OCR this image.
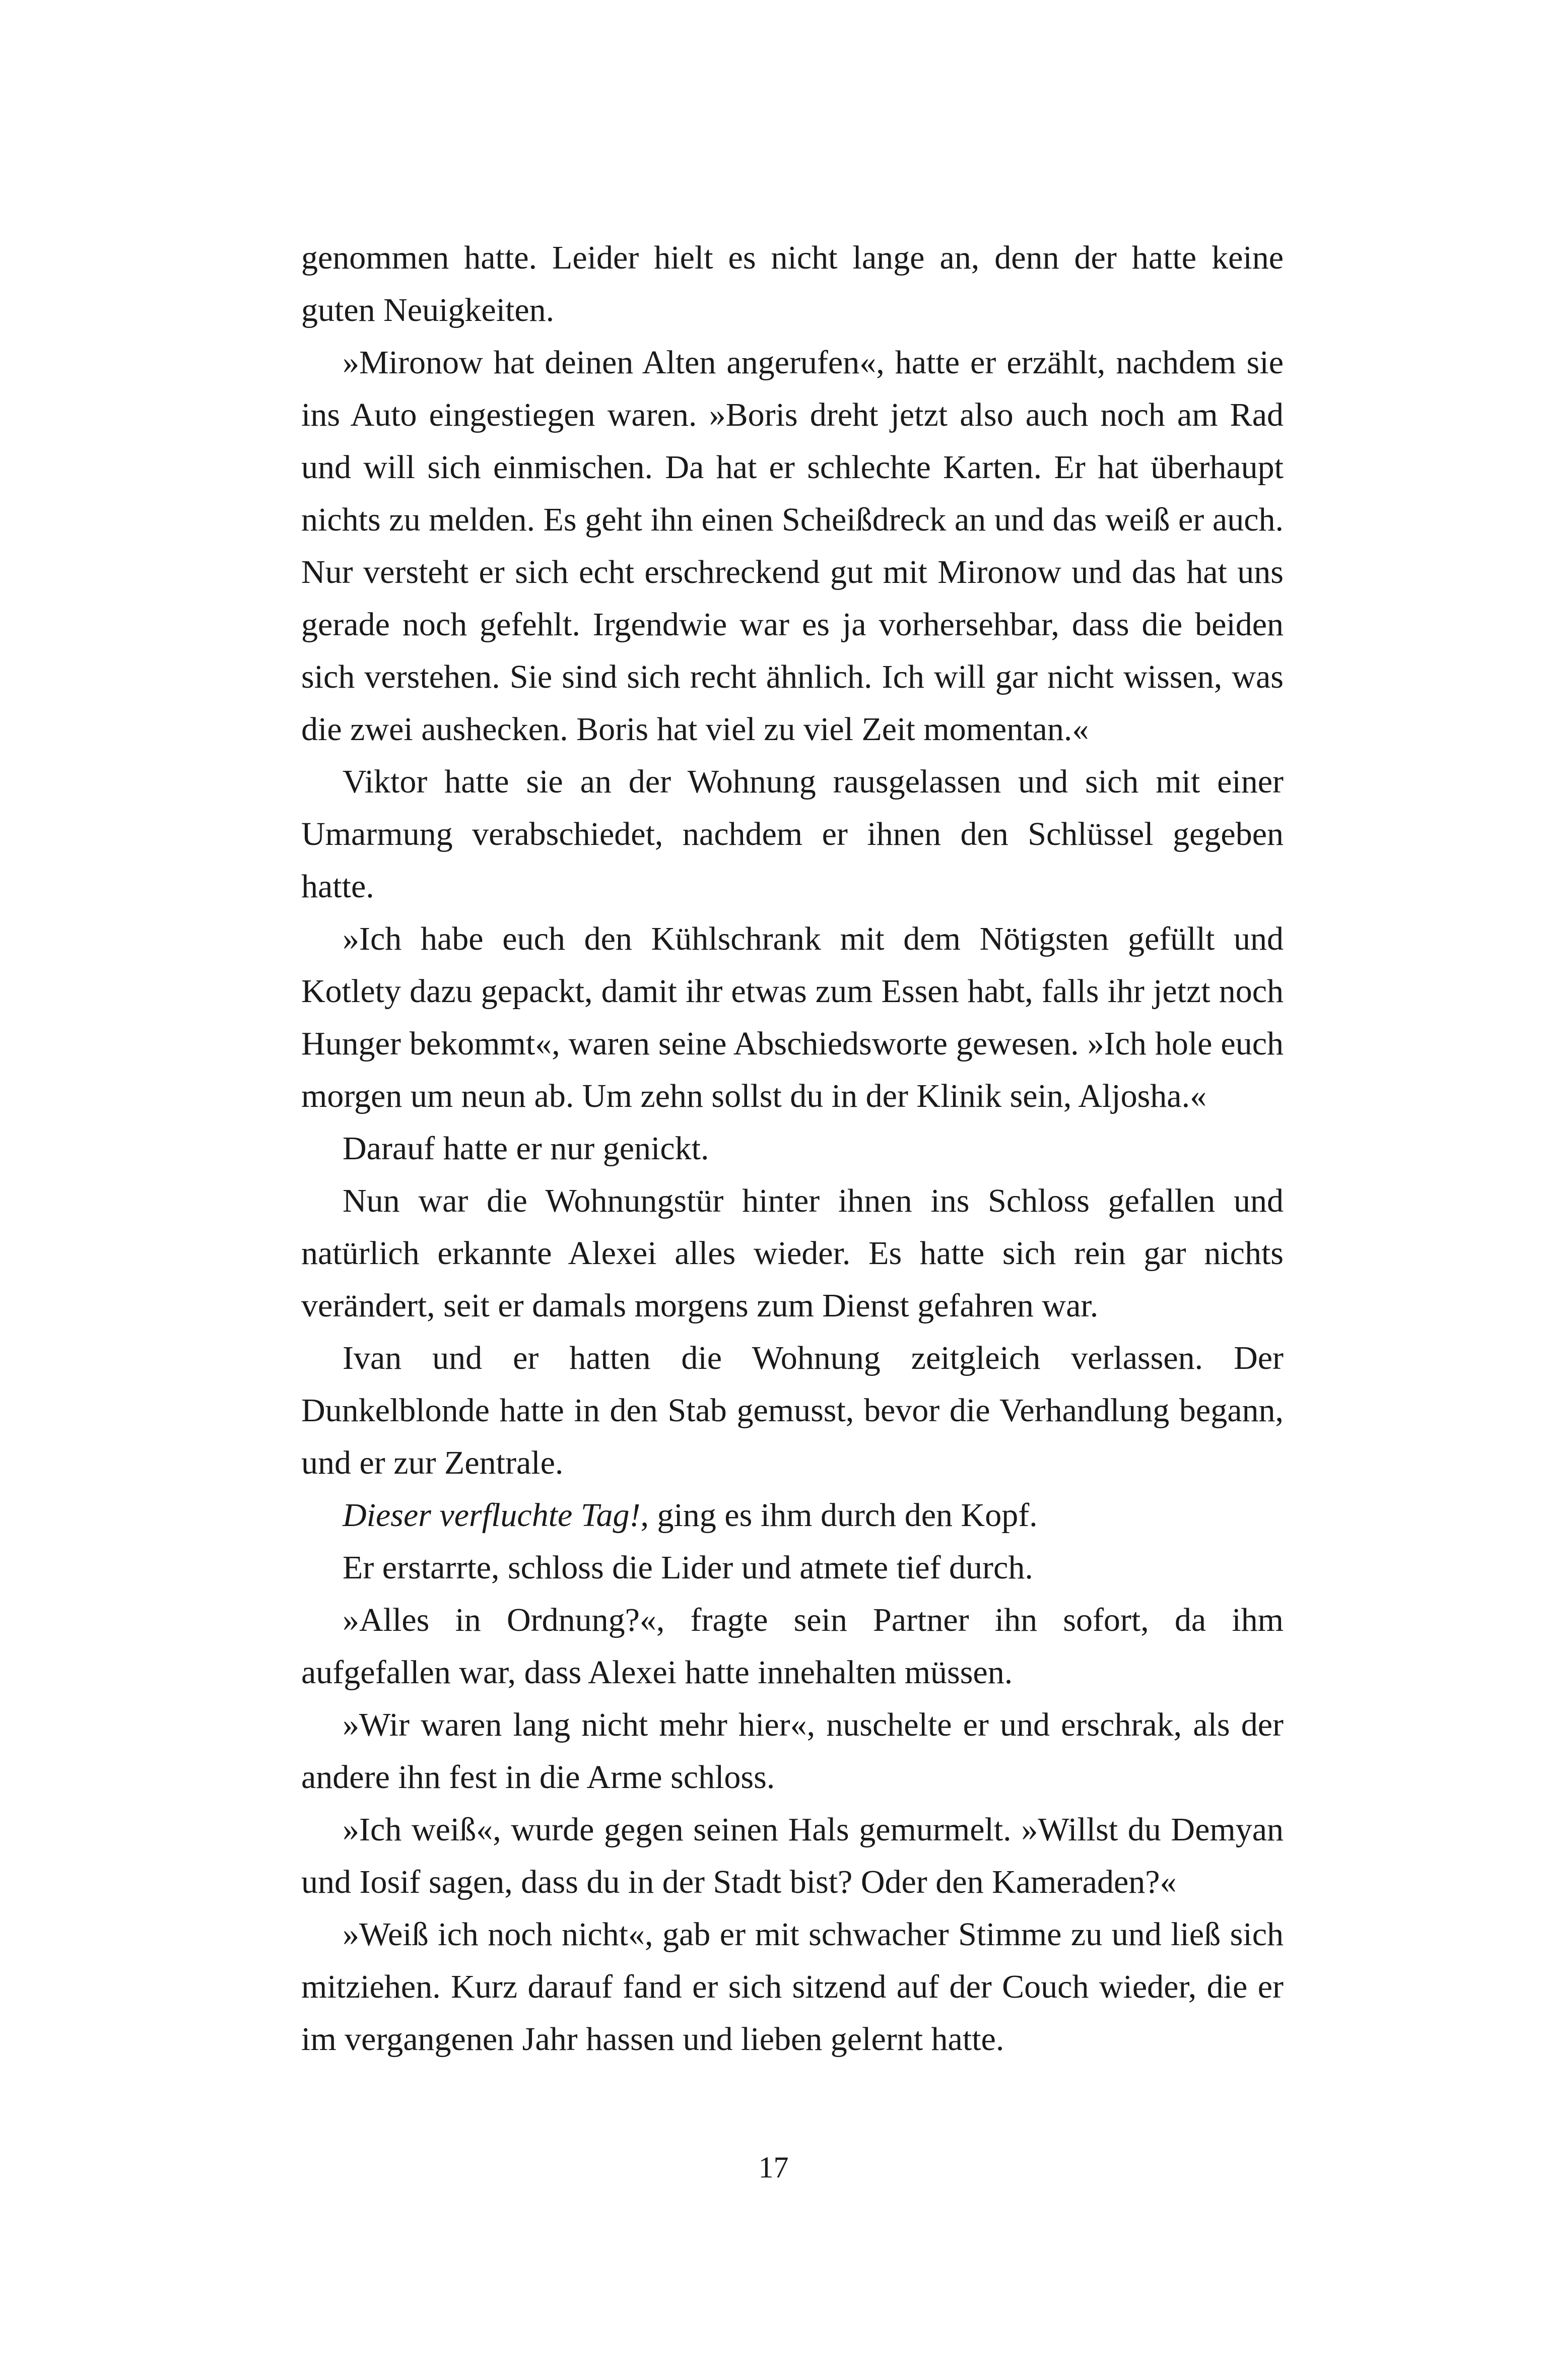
genommen hatte. Leider hielt es nicht lange an, denn der hatte keine guten Neuigkeiten.

»Mironow hat deinen Alten angerufen«, hatte er erzählt, nachdem sie ins Auto eingestiegen waren. »Boris dreht jetzt also auch noch am Rad und will sich einmischen. Da hat er schlechte Karten. Er hat überhaupt nichts zu melden. Es geht ihn einen Scheißdreck an und das weiß er auch. Nur versteht er sich echt erschreckend gut mit Mironow und das hat uns gerade noch gefehlt. Irgendwie war es ja vorhersehbar, dass die beiden sich verstehen. Sie sind sich recht ähnlich. Ich will gar nicht wissen, was die zwei aushecken. Boris hat viel zu viel Zeit momentan.«

Viktor hatte sie an der Wohnung rausgelassen und sich mit einer Umarmung verabschiedet, nachdem er ihnen den Schlüssel gegeben hatte.

»Ich habe euch den Kühlschrank mit dem Nötigsten gefüllt und Kotlety dazu gepackt, damit ihr etwas zum Essen habt, falls ihr jetzt noch Hunger bekommt«, waren seine Abschiedsworte gewesen. »Ich hole euch morgen um neun ab. Um zehn sollst du in der Klinik sein, Aljosha.«

Darauf hatte er nur genickt.

Nun war die Wohnungstür hinter ihnen ins Schloss gefallen und natürlich erkannte Alexei alles wieder. Es hatte sich rein gar nichts verändert, seit er damals morgens zum Dienst gefahren war.

Ivan und er hatten die Wohnung zeitgleich verlassen. Der Dunkelblonde hatte in den Stab gemusst, bevor die Verhandlung begann, und er zur Zentrale.

Dieser verfluchte Tag!, ging es ihm durch den Kopf.

Er erstarrte, schloss die Lider und atmete tief durch.

»Alles in Ordnung?«, fragte sein Partner ihn sofort, da ihm aufgefallen war, dass Alexei hatte innehalten müssen.

»Wir waren lang nicht mehr hier«, nuschelte er und erschrak, als der andere ihn fest in die Arme schloss.

»Ich weiß«, wurde gegen seinen Hals gemurmelt. »Willst du Demyan und Iosif sagen, dass du in der Stadt bist? Oder den Kameraden?«

»Weiß ich noch nicht«, gab er mit schwacher Stimme zu und ließ sich mitziehen. Kurz darauf fand er sich sitzend auf der Couch wieder, die er im vergangenen Jahr hassen und lieben gelernt hatte.

17
